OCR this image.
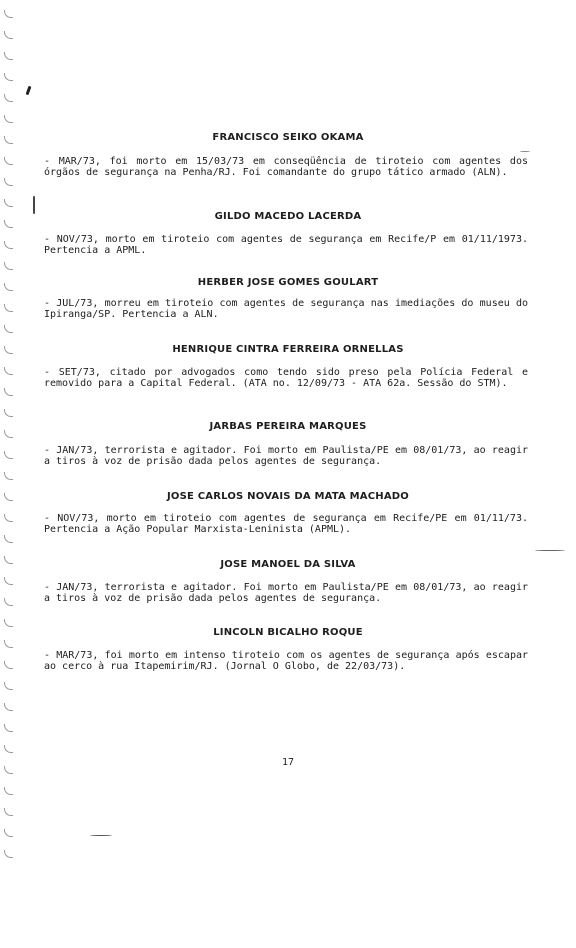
FRANCISCO SEIKO OKAMA
- MAR/73, foi morto em 15/03/73 em conseqüência de tiroteio com agentes dos órgãos de segurança na Penha/RJ. Foi comandante do grupo tático armado (ALN).
GILDO MACEDO LACERDA
- NOV/73, morto em tiroteio com agentes de segurança em Recife/P em 01/11/1973. Pertencia a APML.
HERBER JOSE GOMES GOULART
- JUL/73, morreu em tiroteio com agentes de segurança nas imediações do museu do Ipiranga/SP. Pertencia a ALN.
HENRIQUE CINTRA FERREIRA ORNELLAS
- SET/73, citado por advogados como tendo sido preso pela Polícia Federal e removido para a Capital Federal. (ATA no. 12/09/73 - ATA 62a. Sessão do STM).
JARBAS PEREIRA MARQUES
- JAN/73, terrorista e agitador. Foi morto em Paulista/PE em 08/01/73, ao reagir a tiros à voz de prisão dada pelos agentes de segurança.
JOSE CARLOS NOVAIS DA MATA MACHADO
- NOV/73, morto em tiroteio com agentes de segurança em Recife/PE em 01/11/73. Pertencia a Ação Popular Marxista-Leninista (APML).
JOSE MANOEL DA SILVA
- JAN/73, terrorista e agitador. Foi morto em Paulista/PE em 08/01/73, ao reagir a tiros à voz de prisão dada pelos agentes de segurança.
LINCOLN BICALHO ROQUE
- MAR/73, foi morto em intenso tiroteio com os agentes de segurança após escapar ao cerco à rua Itapemirim/RJ. (Jornal O Globo, de 22/03/73).
17
